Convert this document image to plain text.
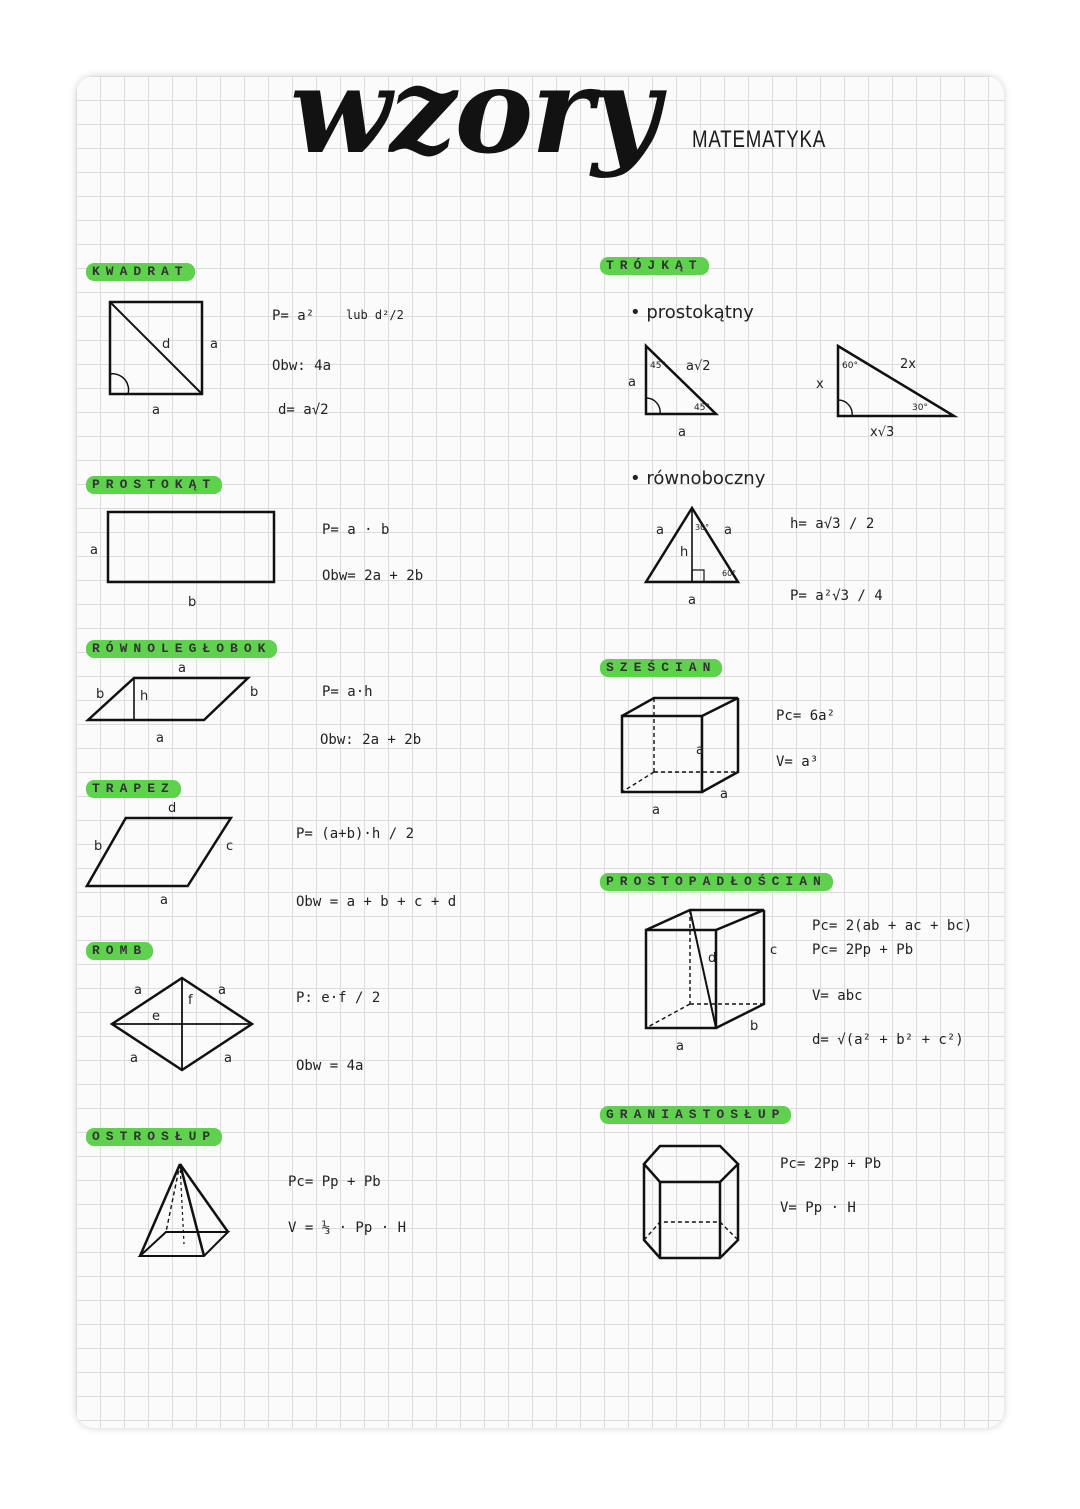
wzory MATEMATYKA
KWADRAT
d	a
a
P= a²	lub d²/2
Obw: 4a
d= a√2
PROSTOKĄT
a
b
P= a · b
Obw= 2a + 2b
RÓWNOLEGŁOBOK
a
b	h	b
a
P= a·h
Obw: 2a + 2b
TRAPEZ
d
b	c
a
P= (a+b)·h / 2
Obw = a + b + c + d
ROMB
a	a
e
f
a	a
P: e·f / 2
Obw = 4a
OSTROSŁUP
Pc= Pp + Pb
V = ⅓ · Pp · H
TRÓJKĄT
• prostokątny
a√2
a
a
45°
45°
x
2x
x√3
60°
30°
• równoboczny
a	a
h
a
30°
60°
h= a√3 / 2
P= a²√3 / 4
SZEŚCIAN
a
a
a
Pc= 6a²
V= a³
PROSTOPADŁOŚCIAN
d
c
a
b
Pc= 2(ab + ac + bc)
Pc= 2Pp + Pb
V= abc
d= √(a² + b² + c²)
GRANIASTOSŁUP
Pc= 2Pp + Pb
V= Pp · H
